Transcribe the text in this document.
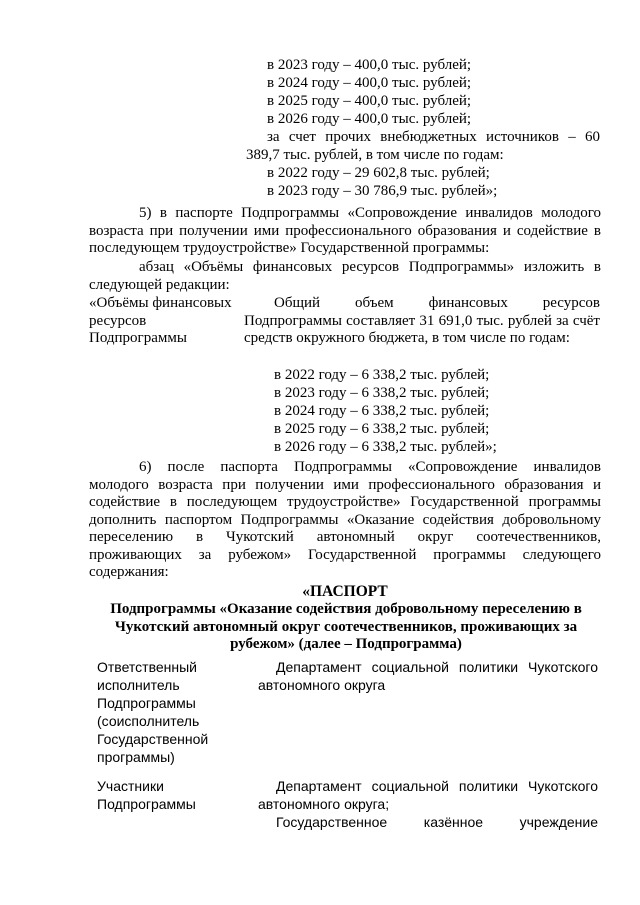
в 2023 году – 400,0 тыс. рублей;
в 2024 году – 400,0 тыс. рублей;
в 2025 году – 400,0 тыс. рублей;
в 2026 году – 400,0 тыс. рублей;
за счет прочих внебюджетных источников – 60
389,7 тыс. рублей, в том числе по годам:
в 2022 году – 29 602,8 тыс. рублей;
в 2023 году – 30 786,9 тыс. рублей»;
5) в паспорте Подпрограммы «Сопровождение инвалидов молодого возраста при получении ими профессионального образования и содействие в последующем трудоустройстве» Государственной программы:
абзац «Объёмы финансовых ресурсов Подпрограммы» изложить в следующей редакции:
«Объёмы финансовых ресурсов Подпрограммы
Общий объем финансовых ресурсов Подпрограммы составляет 31 691,0 тыс. рублей за счёт средств окружного бюджета, в том числе по годам:
в 2022 году – 6 338,2 тыс. рублей;
в 2023 году – 6 338,2 тыс. рублей;
в 2024 году – 6 338,2 тыс. рублей;
в 2025 году – 6 338,2 тыс. рублей;
в 2026 году – 6 338,2 тыс. рублей»;
6) после паспорта Подпрограммы «Сопровождение инвалидов молодого возраста при получении ими профессионального образования и содействие в последующем трудоустройстве» Государственной программы дополнить паспортом Подпрограммы «Оказание содействия добровольному переселению в Чукотский автономный округ соотечественников, проживающих за рубежом» Государственной программы следующего содержания:
«ПАСПОРТ
Подпрограммы «Оказание содействия добровольному переселению в Чукотский автономный округ соотечественников, проживающих за рубежом» (далее – Подпрограмма)
Ответственный исполнитель Подпрограммы (соисполнитель Государственной программы)
Департамент социальной политики Чукотского автономного округа
Участники Подпрограммы
Департамент социальной политики Чукотского автономного округа;
Государственное казённое учреждение
